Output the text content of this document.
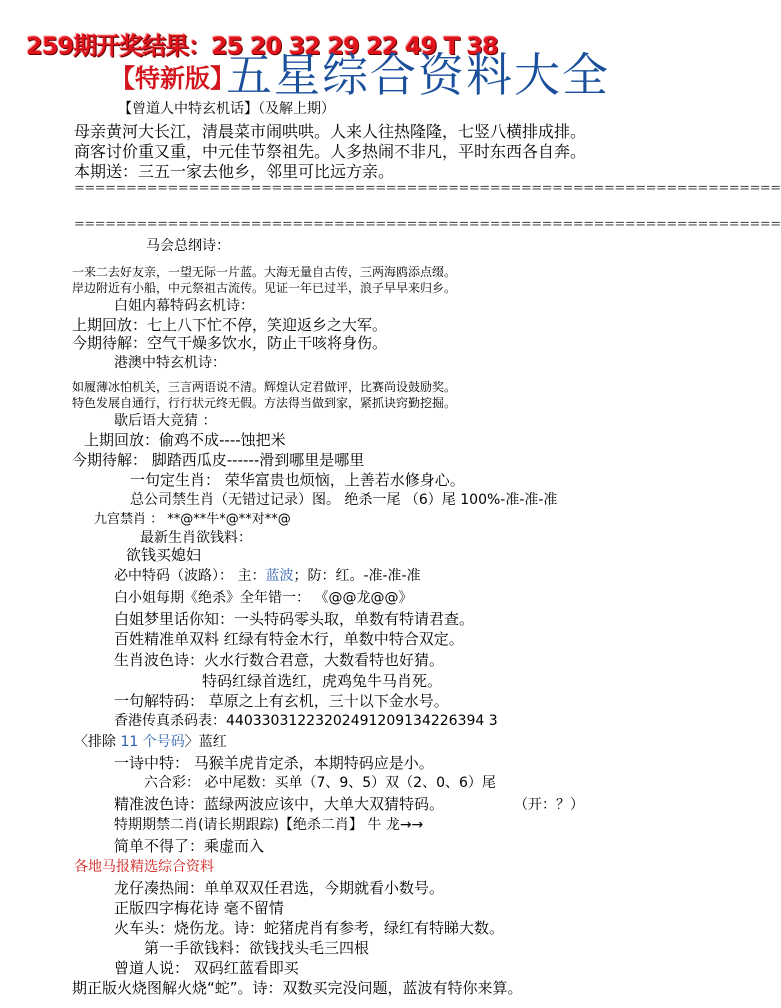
259期开奖结果：25 20 32 29 22 49 T 38
【特新版】
五星综合资料大全
【曾道人中特玄机话】（及解上期）
母亲黄河大长江，清晨菜市闹哄哄。人来人往热隆隆，七竖八横排成排。
商客讨价重又重，中元佳节祭祖先。人多热闹不非凡，平时东西各自奔。
本期送：三五一家去他乡，邻里可比远方亲。
====================================================================
====================================================================
马会总纲诗：
一来二去好友亲，一望无际一片蓝。大海无量自古传，三两海鸥添点缀。
岸边附近有小船，中元祭祖古流传。见证一年已过半，浪子早早来归乡。
白姐内幕特码玄机诗：
上期回放：七上八下忙不停，笑迎返乡之大军。
今期待解：空气干燥多饮水，防止干咳将身伤。
港澳中特玄机诗：
如履薄冰怕机关，三言两语说不清。辉煌认定君做评，比赛尚设鼓励奖。
特色发展自通行，行行状元终无假。方法得当做到家，紧抓诀窍勤挖掘。
歇后语大竞猜 ：
上期回放：偷鸡不成----蚀把米
今期待解： 脚踏西瓜皮------滑到哪里是哪里
一句定生肖： 荣华富贵也烦恼，上善若水修身心。
总公司禁生肖（无错过记录）图。 绝杀一尾 （6）尾 100%-准-准-准
九宫禁肖 ： **@**牛*@**对**@
最新生肖欲钱料：
欲钱买媳妇
必中特码（波路）： 主：蓝波；防：红。-准-准-准
白小姐每期《绝杀》全年错一： 《@@龙@@》
白姐梦里话你知：一头特码零头取，单数有特请君查。
百姓精准单双料 红绿有特金木行，单数中特合双定。
生肖波色诗：火水行数合君意，大数看特也好猜。
特码红绿首选红，虎鸡兔牛马肖死。
一句解特码： 草原之上有玄机，三十以下金水号。
香港传真杀码表：44033031223202491209134226394 3
〈排除 11 个号码〉蓝红
一诗中特： 马猴羊虎肯定杀，本期特码应是小。
六合彩： 必中尾数：买单（7、9、5）双（2、0、6）尾
精准波色诗：蓝绿两波应该中，大单大双猜特码。	（开：？）
特期期禁二肖(请长期跟踪)【绝杀二肖】 牛 龙→→
简单不得了：乘虚而入
各地马报精选综合资料
龙仔凑热闹：单单双双任君选，今期就看小数号。
正版四字梅花诗 毫不留情
火车头：烧伤龙。诗：蛇猪虎肖有参考，绿红有特睇大数。
第一手欲钱料：欲钱找头毛三四根
曾道人说： 双码红蓝看即买
期正版火烧图解火烧“蛇”。诗：双数买完没问题，蓝波有特你来算。
